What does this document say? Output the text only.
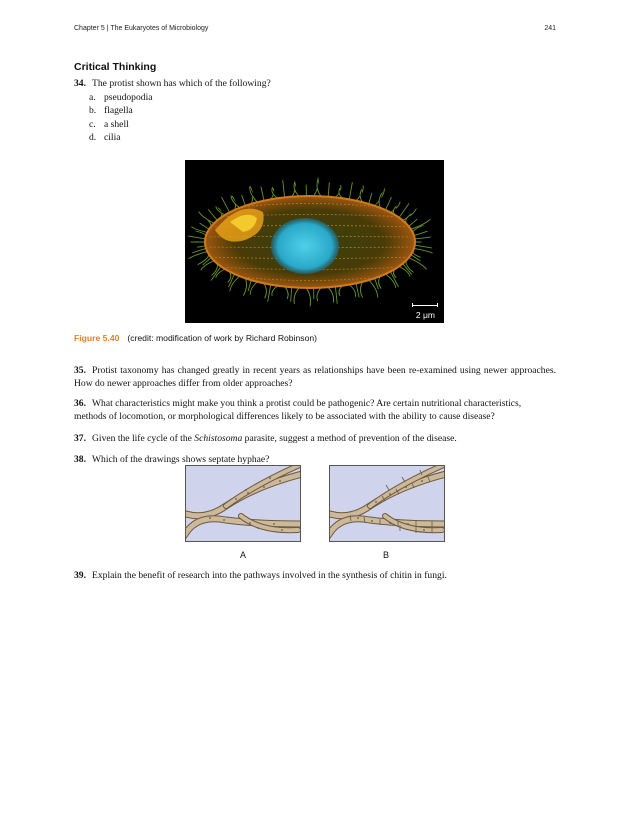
Chapter 5 | The Eukaryotes of Microbiology	241
Critical Thinking
34. The protist shown has which of the following?
a. pseudopodia
b. flagella
c. a shell
d. cilia
2 μm
Figure 5.40 (credit: modification of work by Richard Robinson)
35. Protist taxonomy has changed greatly in recent years as relationships have been re-examined using newer approaches. How do newer approaches differ from older approaches?
36. What characteristics might make you think a protist could be pathogenic? Are certain nutritional characteristics, methods of locomotion, or morphological differences likely to be associated with the ability to cause disease?
37. Given the life cycle of the Schistosoma parasite, suggest a method of prevention of the disease.
38. Which of the drawings shows septate hyphae?
A	B
39. Explain the benefit of research into the pathways involved in the synthesis of chitin in fungi.
